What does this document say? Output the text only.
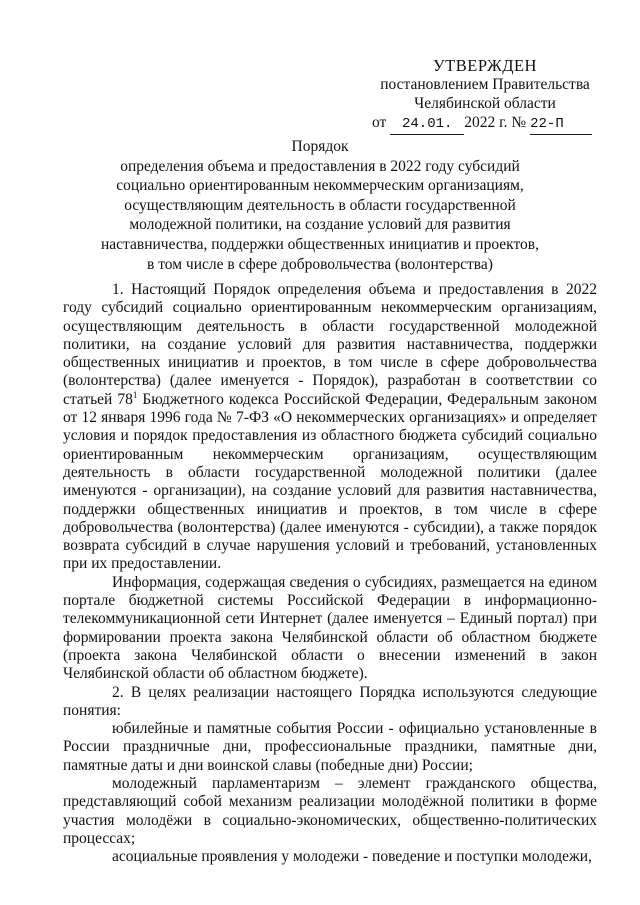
УТВЕРЖДЕН
постановлением Правительства
Челябинской области
от 24.01. 2022 г. № 22-П
Порядок
определения объема и предоставления в 2022 году субсидий
социально ориентированным некоммерческим организациям,
осуществляющим деятельность в области государственной
молодежной политики, на создание условий для развития
наставничества, поддержки общественных инициатив и проектов,
в том числе в сфере добровольчества (волонтерства)

1. Настоящий Порядок определения объема и предоставления в 2022 году субсидий социально ориентированным некоммерческим организациям, осуществляющим деятельность в области государственной молодежной политики, на создание условий для развития наставничества, поддержки общественных инициатив и проектов, в том числе в сфере добровольчества (волонтерства) (далее именуется - Порядок), разработан в соответствии со статьей $78^1$ Бюджетного кодекса Российской Федерации, Федеральным законом от 12 января 1996 года № 7-ФЗ «О некоммерческих организациях» и определяет условия и порядок предоставления из областного бюджета субсидий социально ориентированным некоммерческим организациям, осуществляющим деятельность в области государственной молодежной политики (далее именуются - организации), на создание условий для развития наставничества, поддержки общественных инициатив и проектов, в том числе в сфере добровольчества (волонтерства) (далее именуются - субсидии), а также порядок возврата субсидий в случае нарушения условий и требований, установленных при их предоставлении.

Информация, содержащая сведения о субсидиях, размещается на едином портале бюджетной системы Российской Федерации в информационно-телекоммуникационной сети Интернет (далее именуется – Единый портал) при формировании проекта закона Челябинской области об областном бюджете (проекта закона Челябинской области о внесении изменений в закон Челябинской области об областном бюджете).

2. В целях реализации настоящего Порядка используются следующие понятия:

юбилейные и памятные события России - официально установленные в России праздничные дни, профессиональные праздники, памятные дни, памятные даты и дни воинской славы (победные дни) России;

молодежный парламентаризм – элемент гражданского общества, представляющий собой механизм реализации молодёжной политики в форме участия молодёжи в социально-экономических, общественно-политических процессах;

асоциальные проявления у молодежи - поведение и поступки молодежи,
